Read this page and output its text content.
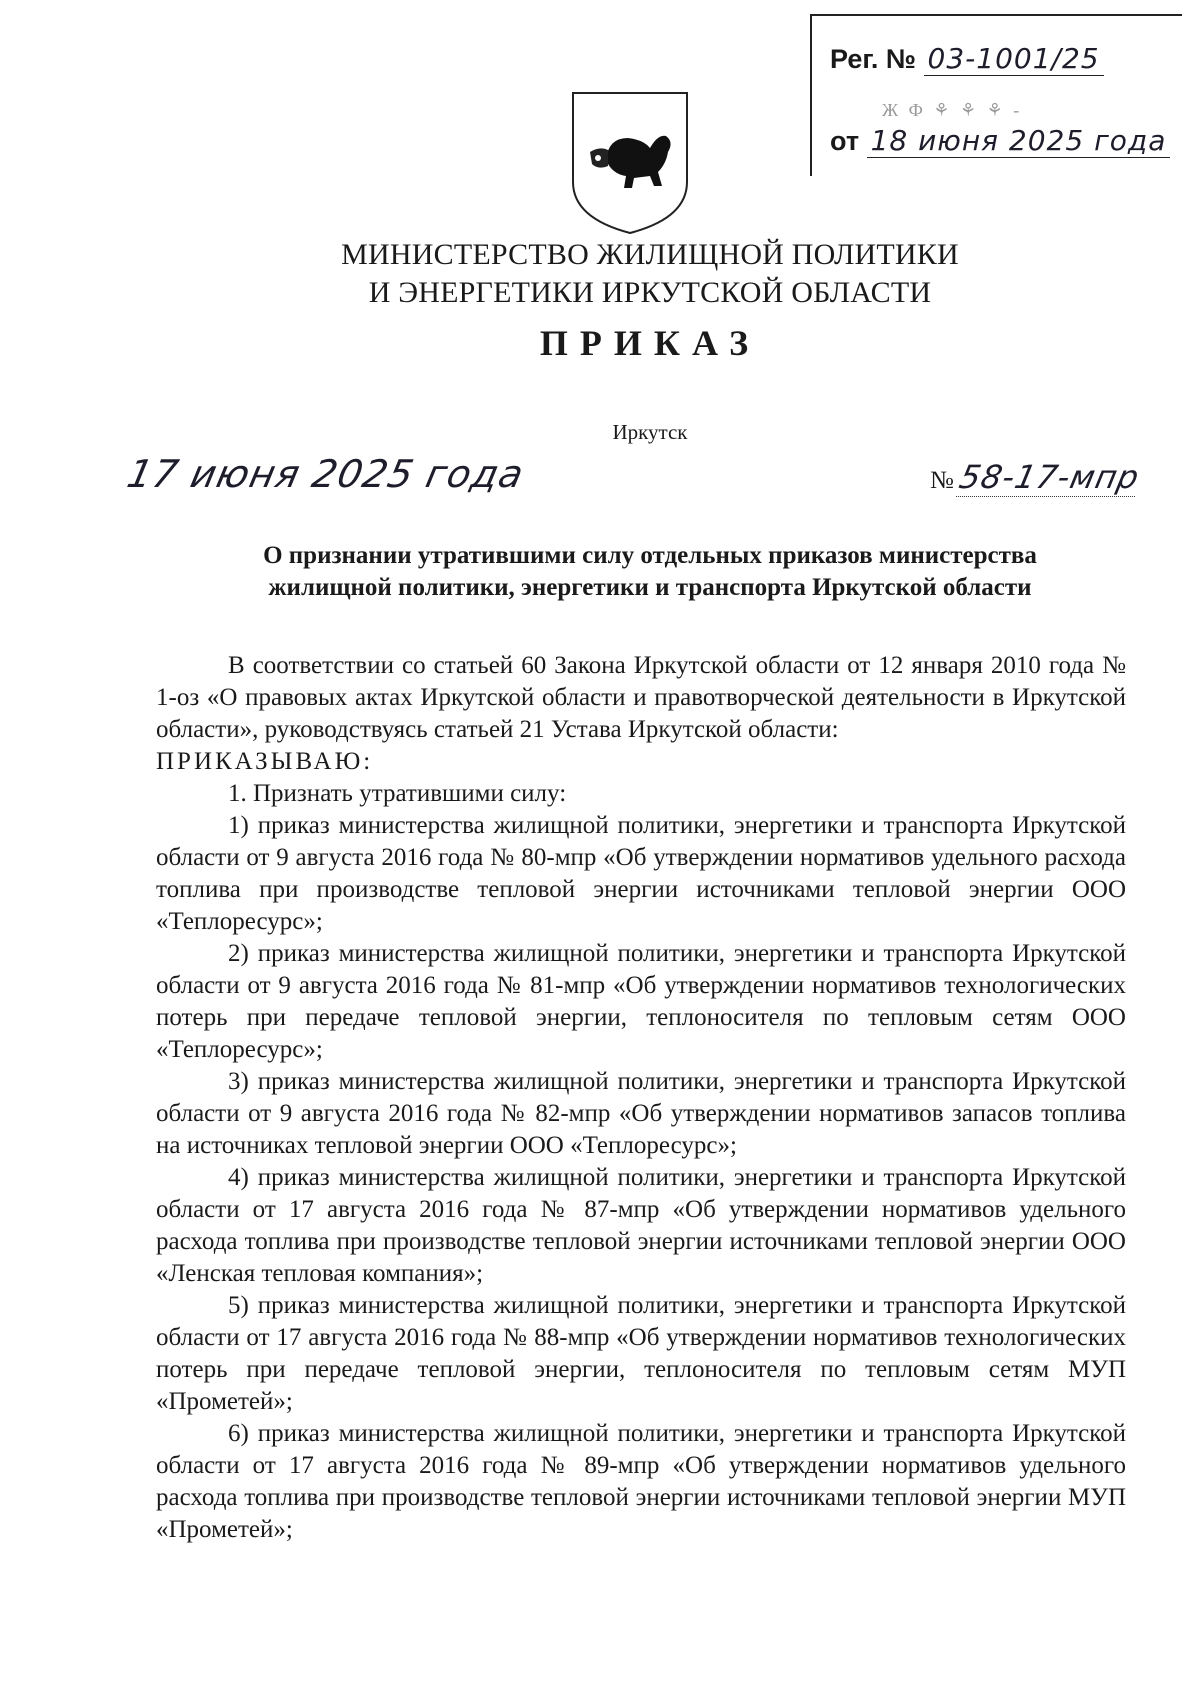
Рег. № 03-1001/25
Ж Ф ⚘ ⚘ ⚘ -
от 18 июня 2025 года
МИНИСТЕРСТВО ЖИЛИЩНОЙ ПОЛИТИКИ
И ЭНЕРГЕТИКИ ИРКУТСКОЙ ОБЛАСТИ
ПРИКАЗ
Иркутск
17 июня 2025 года	№ 58-17-мпр
О признании утратившими силу отдельных приказов министерства
жилищной политики, энергетики и транспорта Иркутской области

В соответствии со статьей 60 Закона Иркутской области от 12 января 2010 года № 1-оз «О правовых актах Иркутской области и правотворческой деятельности в Иркутской области», руководствуясь статьей 21 Устава Иркутской области:

ПРИКАЗЫВАЮ:

1. Признать утратившими силу:

1) приказ министерства жилищной политики, энергетики и транспорта Иркутской области от 9 августа 2016 года № 80-мпр «Об утверждении нормативов удельного расхода топлива при производстве тепловой энергии источниками тепловой энергии ООО «Теплоресурс»;

2) приказ министерства жилищной политики, энергетики и транспорта Иркутской области от 9 августа 2016 года № 81-мпр «Об утверждении нормативов технологических потерь при передаче тепловой энергии, теплоносителя по тепловым сетям ООО «Теплоресурс»;

3) приказ министерства жилищной политики, энергетики и транспорта Иркутской области от 9 августа 2016 года № 82-мпр «Об утверждении нормативов запасов топлива на источниках тепловой энергии ООО «Теплоресурс»;

4) приказ министерства жилищной политики, энергетики и транспорта Иркутской области от 17 августа 2016 года № 87-мпр «Об утверждении нормативов удельного расхода топлива при производстве тепловой энергии источниками тепловой энергии ООО «Ленская тепловая компания»;

5) приказ министерства жилищной политики, энергетики и транспорта Иркутской области от 17 августа 2016 года № 88-мпр «Об утверждении нормативов технологических потерь при передаче тепловой энергии, теплоносителя по тепловым сетям МУП «Прометей»;

6) приказ министерства жилищной политики, энергетики и транспорта Иркутской области от 17 августа 2016 года № 89-мпр «Об утверждении нормативов удельного расхода топлива при производстве тепловой энергии источниками тепловой энергии МУП «Прометей»;
